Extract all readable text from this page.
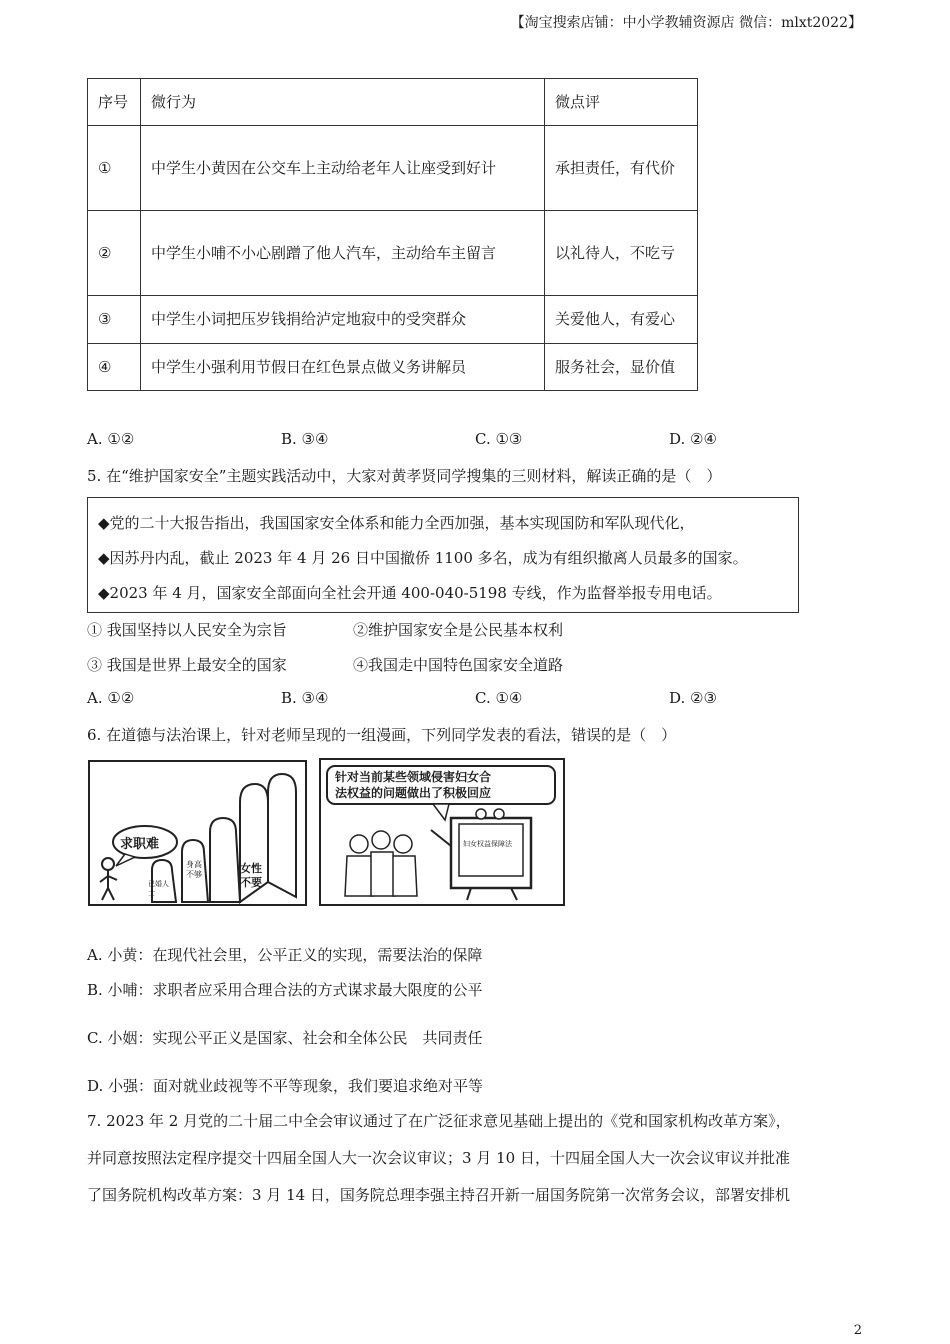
【淘宝搜索店铺：中小学教辅资源店 微信：mlxt2022】
序号	微行为	微点评
①	中学生小黄因在公交车上主动给老年人让座受到好计	承担责任，有代价
②	中学生小哺不小心剧蹭了他人汽车，主动给车主留言	以礼待人，不吃亏
③	中学生小词把压岁钱捐给泸定地寂中的受突群众	关爱他人，有爱心
④	中学生小强利用节假日在红色景点做义务讲解员	服务社会，显价值
A. ①②	B. ③④	C. ①③	D. ②④
5. 在“维护国家安全”主题实践活动中，大家对黄孝贤同学搜集的三则材料，解读正确的是（　）
◆党的二十大报告指出，我国国家安全体系和能力全西加强，基本实现国防和军队现代化，
◆因苏丹内乱，截止 2023 年 4 月 26 日中国撤侨 1100 多名，成为有组织撤离人员最多的国家。
◆2023 年 4 月，国家安全部面向全社会开通 400-040-5198 专线，作为监督举报专用电话。
① 我国坚持以人民安全为宗旨	②维护国家安全是公民基本权利
③ 我国是世界上最安全的国家	④我国走中国特色国家安全道路
A. ①②	B. ③④	C. ①④	D. ②③
6. 在道德与法治课上，针对老师呈现的一组漫画，下列同学发表的看法，错误的是（　）
求职难
已婚人士
身高不够	女性不要
针对当前某些领域侵害妇女合
法权益的问题做出了积极回应
妇女权益保障法
A. 小黄：在现代社会里，公平正义的实现，需要法治的保障
B. 小哺：求职者应采用合理合法的方式谋求最大限度的公平
C. 小姻：实现公平正义是国家、社会和全体公民　共同责任
D. 小强：面对就业歧视等不平等现象，我们要追求绝对平等
7. 2023 年 2 月党的二十届二中全会审议通过了在广泛征求意见基础上提出的《党和国家机构改革方案》，
并同意按照法定程序提交十四届全国人大一次会议审议；3 月 10 日，十四届全国人大一次会议审议并批准
了国务院机构改革方案：3 月 14 日，国务院总理李强主持召开新一届国务院第一次常务会议，部署安排机
2
